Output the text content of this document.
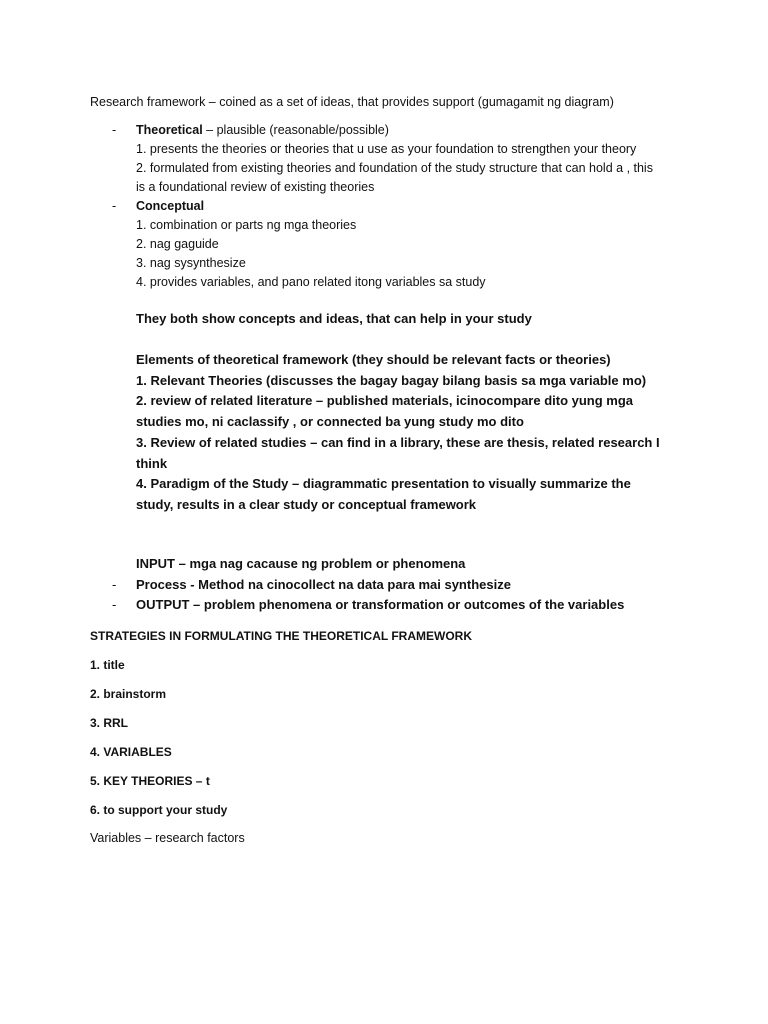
Research framework – coined as a set of ideas, that provides support (gumagamit ng diagram)
- Theoretical – plausible (reasonable/possible)
1. presents the theories or theories that u use as your foundation to strengthen your theory
2. formulated from existing theories and foundation of the study structure that can hold a , this
is a foundational review of existing theories
- Conceptual
1. combination or parts ng mga theories
2. nag gaguide
3. nag sysynthesize
4. provides variables, and pano related itong variables sa study
They both show concepts and ideas, that can help in your study
Elements of theoretical framework (they should be relevant facts or theories)
1. Relevant Theories (discusses the bagay bagay bilang basis sa mga variable mo)
2. review of related literature – published materials, icinocompare dito yung mga
studies mo, ni caclassify , or connected ba yung study mo dito
3. Review of related studies – can find in a library, these are thesis, related research I
think
4. Paradigm of the Study – diagrammatic presentation to visually summarize the
study, results in a clear study or conceptual framework
INPUT – mga nag cacause ng problem or phenomena
- Process - Method na cinocollect na data para mai synthesize
- OUTPUT – problem phenomena or transformation or outcomes of the variables
STRATEGIES IN FORMULATING THE THEORETICAL FRAMEWORK
1. title
2. brainstorm
3. RRL
4. VARIABLES
5. KEY THEORIES – t
6. to support your study
Variables – research factors
